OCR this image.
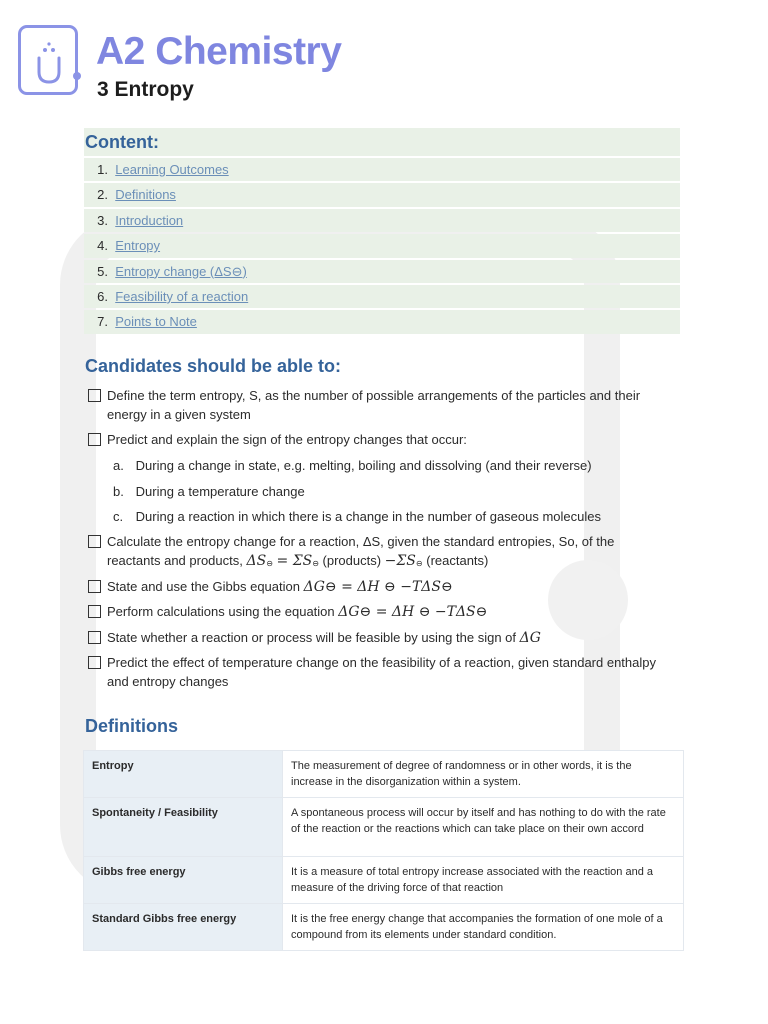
A2 Chemistry
3 Entropy
Content:
1.
Learning Outcomes
2.
Definitions
3.
Introduction
4.
Entropy
5.
Entropy change (ΔS⊖)
6.
Feasibility of a reaction
7.
Points to Note
Candidates should be able to:
Define the term entropy, S, as the number of possible arrangements of the particles and their energy in a given system
Predict and explain the sign of the entropy changes that occur:
a. During a change in state, e.g. melting, boiling and dissolving (and their reverse)
b. During a temperature change
c. During a reaction in which there is a change in the number of gaseous molecules
Calculate the entropy change for a reaction, ΔS, given the standard entropies, So, of the
reactants and products, ΔS⊖ = ΣS⊖ (products) −ΣS⊖ (reactants)
State and use the Gibbs equation ΔG⊖ = ΔH ⊖ −TΔS⊖
Perform calculations using the equation ΔG⊖ = ΔH ⊖ −TΔS⊖
State whether a reaction or process will be feasible by using the sign of ΔG
Predict the effect of temperature change on the feasibility of a reaction, given standard enthalpy and entropy changes
Definitions
Entropy	The measurement of degree of randomness or in other words, it is the increase in the disorganization within a system.
Spontaneity / Feasibility	A spontaneous process will occur by itself and has nothing to do with the rate of the reaction or the reactions which can take place on their own accord
Gibbs free energy	It is a measure of total entropy increase associated with the reaction and a measure of the driving force of that reaction
Standard Gibbs free energy	It is the free energy change that accompanies the formation of one mole of a compound from its elements under standard condition.
